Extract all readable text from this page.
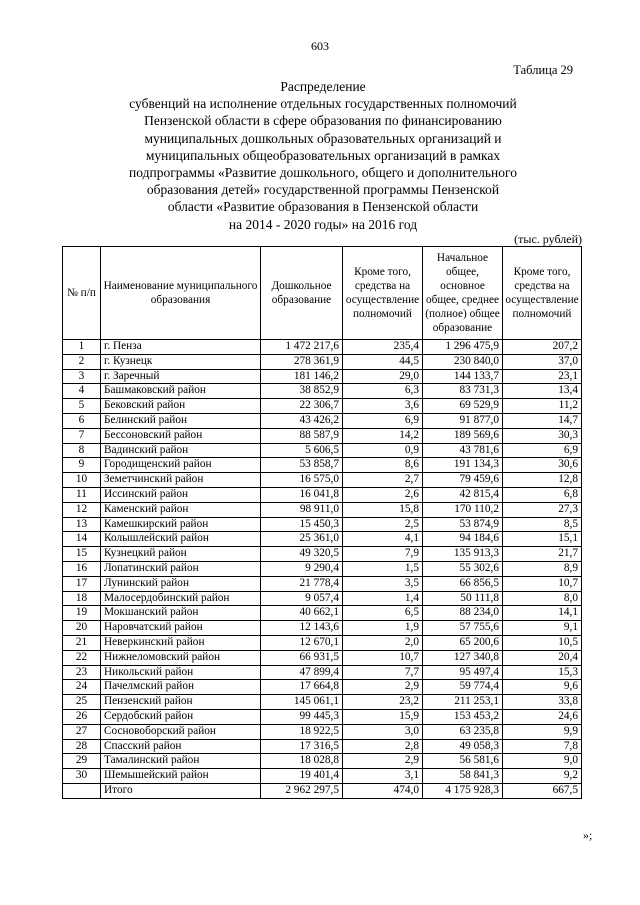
603
Таблица 29
Распределение
субвенций на исполнение отдельных государственных полномочий
Пензенской области в сфере образования по финансированию
муниципальных дошкольных образовательных организаций и
муниципальных общеобразовательных организаций в рамках
подпрограммы «Развитие дошкольного, общего и дополнительного
образования детей» государственной программы Пензенской
области «Развитие образования в Пензенской области
на 2014 - 2020 годы» на 2016 год
(тыс. рублей)
№ п/п	Наименование муниципального образования	Дошкольное образование	Кроме того, средства на осуществление полномочий	Начальное общее, основное общее, среднее (полное) общее образование	Кроме того, средства на осуществление полномочий
1	г. Пенза	1 472 217,6	235,4	1 296 475,9	207,2
2	г. Кузнецк	278 361,9	44,5	230 840,0	37,0
3	г. Заречный	181 146,2	29,0	144 133,7	23,1
4	Башмаковский район	38 852,9	6,3	83 731,3	13,4
5	Бековский район	22 306,7	3,6	69 529,9	11,2
6	Белинский район	43 426,2	6,9	91 877,0	14,7
7	Бессоновский район	88 587,9	14,2	189 569,6	30,3
8	Вадинский район	5 606,5	0,9	43 781,6	6,9
9	Городищенский район	53 858,7	8,6	191 134,3	30,6
10	Земетчинский район	16 575,0	2,7	79 459,6	12,8
11	Иссинский район	16 041,8	2,6	42 815,4	6,8
12	Каменский район	98 911,0	15,8	170 110,2	27,3
13	Камешкирский район	15 450,3	2,5	53 874,9	8,5
14	Колышлейский район	25 361,0	4,1	94 184,6	15,1
15	Кузнецкий район	49 320,5	7,9	135 913,3	21,7
16	Лопатинский район	9 290,4	1,5	55 302,6	8,9
17	Лунинский район	21 778,4	3,5	66 856,5	10,7
18	Малосердобинский район	9 057,4	1,4	50 111,8	8,0
19	Мокшанский район	40 662,1	6,5	88 234,0	14,1
20	Наровчатский район	12 143,6	1,9	57 755,6	9,1
21	Неверкинский район	12 670,1	2,0	65 200,6	10,5
22	Нижнеломовский район	66 931,5	10,7	127 340,8	20,4
23	Никольский район	47 899,4	7,7	95 497,4	15,3
24	Пачелмский район	17 664,8	2,9	59 774,4	9,6
25	Пензенский район	145 061,1	23,2	211 253,1	33,8
26	Сердобский район	99 445,3	15,9	153 453,2	24,6
27	Сосновоборский район	18 922,5	3,0	63 235,8	9,9
28	Спасский район	17 316,5	2,8	49 058,3	7,8
29	Тамалинский район	18 028,8	2,9	56 581,6	9,0
30	Шемышейский район	19 401,4	3,1	58 841,3	9,2
	Итого	2 962 297,5	474,0	4 175 928,3	667,5
»;
